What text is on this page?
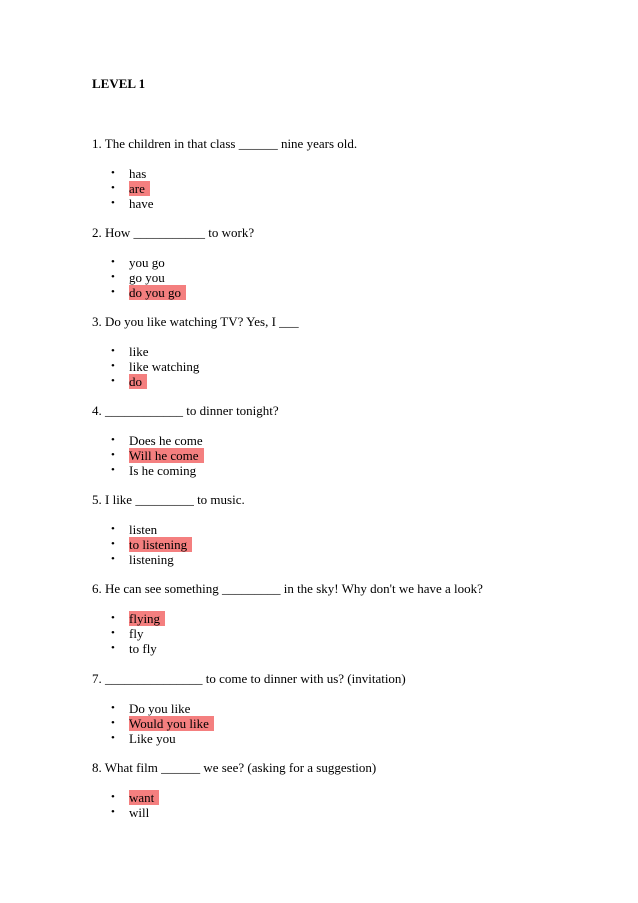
LEVEL 1

1. The children in that class ______ nine years old.

• has
• are
• have

2. How ___________ to work?

• you go
• go you
• do you go

3. Do you like watching TV? Yes, I ___

• like
• like watching
• do

4. ____________ to dinner tonight?

• Does he come
• Will he come
• Is he coming

5. I like _________ to music.

• listen
• to listening
• listening

6. He can see something _________ in the sky! Why don't we have a look?

• flying
• fly
• to fly

7. _______________ to come to dinner with us? (invitation)

• Do you like
• Would you like
• Like you

8. What film ______ we see? (asking for a suggestion)

• want
• will
